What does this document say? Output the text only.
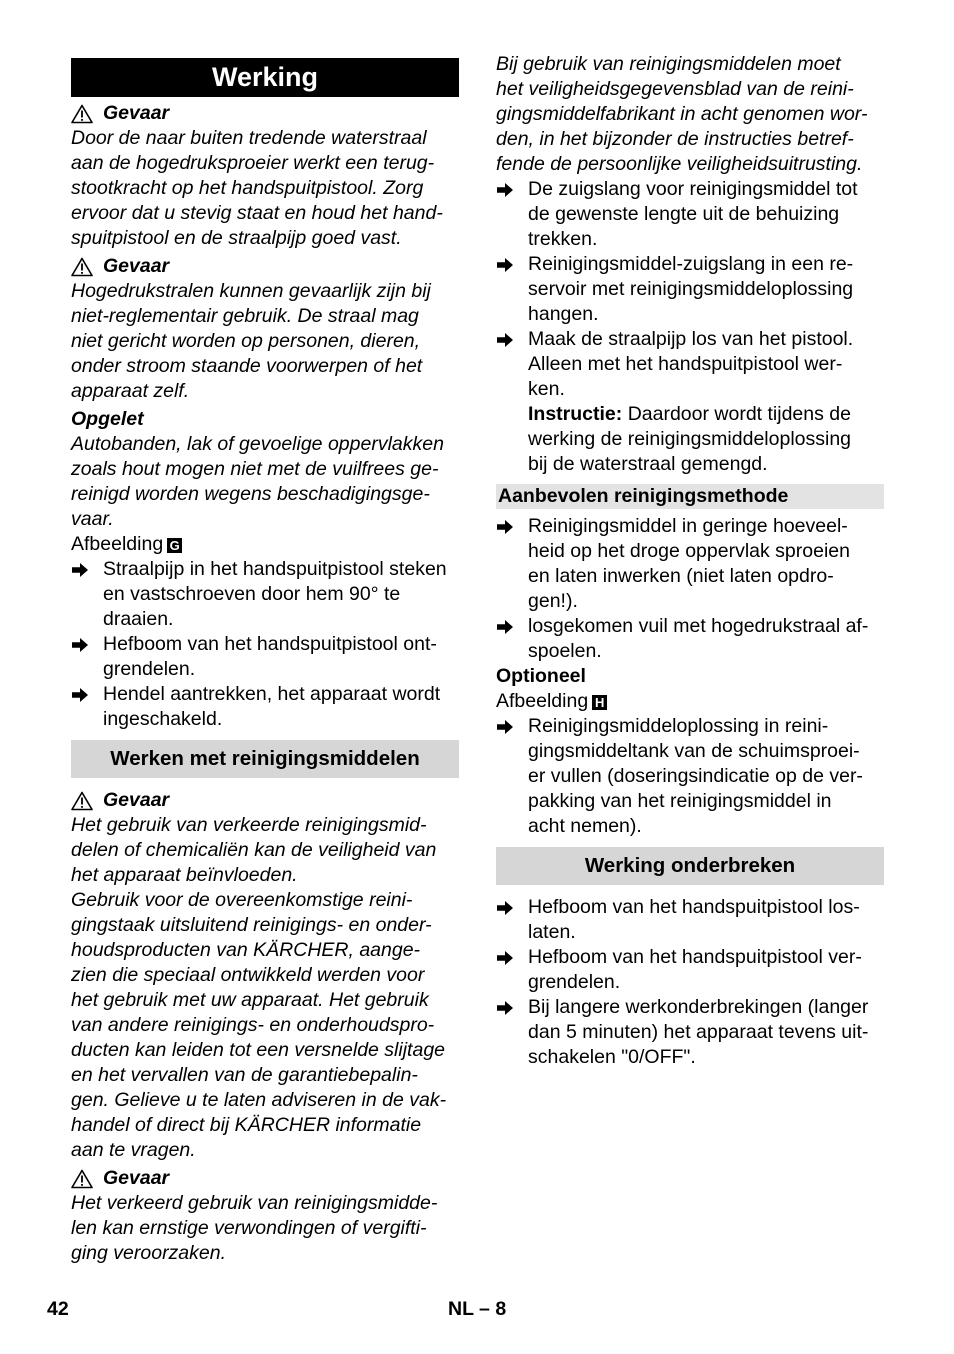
Werking
Gevaar

Door de naar buiten tredende waterstraal

aan de hogedruksproeier werkt een terug-

stootkracht op het handspuitpistool. Zorg

ervoor dat u stevig staat en houd het hand-

spuitpistool en de straalpijp goed vast.

Gevaar

Hogedrukstralen kunnen gevaarlijk zijn bij

niet-reglementair gebruik. De straal mag

niet gericht worden op personen, dieren,

onder stroom staande voorwerpen of het

apparaat zelf.

Opgelet

Autobanden, lak of gevoelige oppervlakken

zoals hout mogen niet met de vuilfrees ge-

reinigd worden wegens beschadigingsge-

vaar.

Afbeelding G

Straalpijp in het handspuitpistool steken

en vastschroeven door hem 90° te

draaien.

Hefboom van het handspuitpistool ont-

grendelen.

Hendel aantrekken, het apparaat wordt

ingeschakeld.

Werken met reinigingsmiddelen
Gevaar

Het gebruik van verkeerde reinigingsmid-

delen of chemicaliën kan de veiligheid van

het apparaat beïnvloeden.

Gebruik voor de overeenkomstige reini-

gingstaak uitsluitend reinigings- en onder-

houdsproducten van KÄRCHER, aange-

zien die speciaal ontwikkeld werden voor

het gebruik met uw apparaat. Het gebruik

van andere reinigings- en onderhoudspro-

ducten kan leiden tot een versnelde slijtage

en het vervallen van de garantiebepalin-

gen. Gelieve u te laten adviseren in de vak-

handel of direct bij KÄRCHER informatie

aan te vragen.

Gevaar

Het verkeerd gebruik van reinigingsmidde-

len kan ernstige verwondingen of vergifti-

ging veroorzaken.

Bij gebruik van reinigingsmiddelen moet

het veiligheidsgegevensblad van de reini-

gingsmiddelfabrikant in acht genomen wor-

den, in het bijzonder de instructies betref-

fende de persoonlijke veiligheidsuitrusting.

De zuigslang voor reinigingsmiddel tot

de gewenste lengte uit de behuizing

trekken.

Reinigingsmiddel-zuigslang in een re-

servoir met reinigingsmiddeloplossing

hangen.

Maak de straalpijp los van het pistool.

Alleen met het handspuitpistool wer-

ken.

Instructie: Daardoor wordt tijdens de

werking de reinigingsmiddeloplossing

bij de waterstraal gemengd.

Aanbevolen reinigingsmethode

Reinigingsmiddel in geringe hoeveel-

heid op het droge oppervlak sproeien

en laten inwerken (niet laten opdro-

gen!).

losgekomen vuil met hogedrukstraal af-

spoelen.

Optioneel

Afbeelding H

Reinigingsmiddeloplossing in reini-

gingsmiddeltank van de schuimsproei-

er vullen (doseringsindicatie op de ver-

pakking van het reinigingsmiddel in

acht nemen).

Werking onderbreken

Hefboom van het handspuitpistool los-

laten.

Hefboom van het handspuitpistool ver-

grendelen.

Bij langere werkonderbrekingen (langer

dan 5 minuten) het apparaat tevens uit-

schakelen "0/OFF".

42	NL – 8
